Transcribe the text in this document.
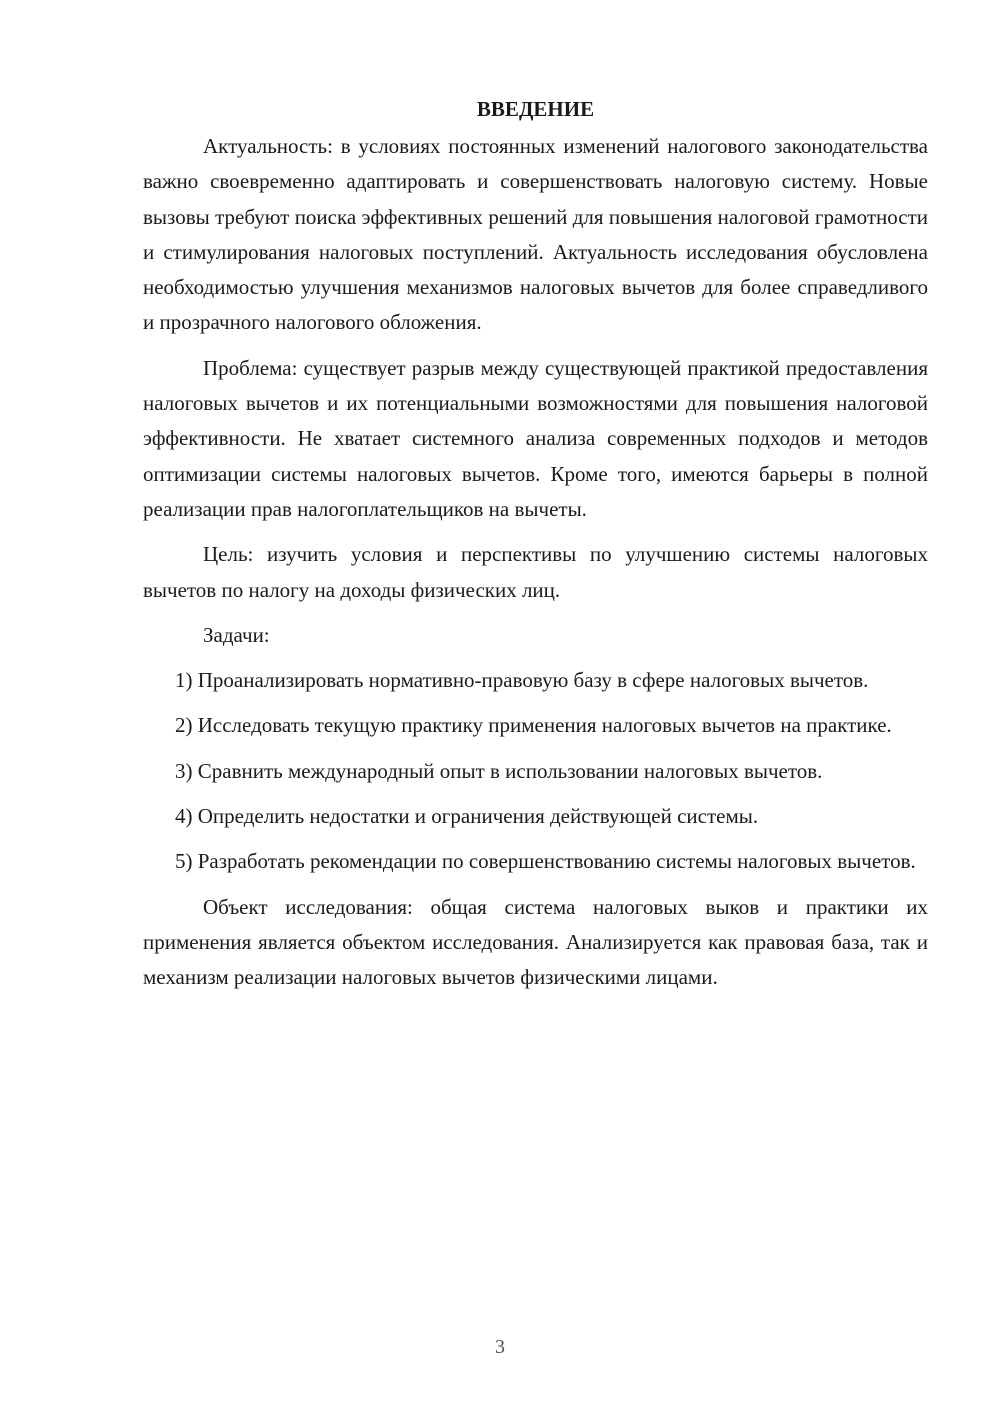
ВВЕДЕНИЕ

Актуальность: в условиях постоянных изменений налогового законодательства важно своевременно адаптировать и совершенствовать налоговую систему. Новые вызовы требуют поиска эффективных решений для повышения налоговой грамотности и стимулирования налоговых поступлений. Актуальность исследования обусловлена необходимостью улучшения механизмов налоговых вычетов для более справедливого и прозрачного налогового обложения.

Проблема: существует разрыв между существующей практикой предоставления налоговых вычетов и их потенциальными возможностями для повышения налоговой эффективности. Не хватает системного анализа современных подходов и методов оптимизации системы налоговых вычетов. Кроме того, имеются барьеры в полной реализации прав налогоплательщиков на вычеты.

Цель: изучить условия и перспективы по улучшению системы налоговых вычетов по налогу на доходы физических лиц.

Задачи:

1) Проанализировать нормативно-правовую базу в сфере налоговых вычетов.

2) Исследовать текущую практику применения налоговых вычетов на практике.

3) Сравнить международный опыт в использовании налоговых вычетов.

4) Определить недостатки и ограничения действующей системы.

5) Разработать рекомендации по совершенствованию системы налоговых вычетов.

Объект исследования: общая система налоговых выков и практики их применения является объектом исследования. Анализируется как правовая база, так и механизм реализации налоговых вычетов физическими лицами.

3
